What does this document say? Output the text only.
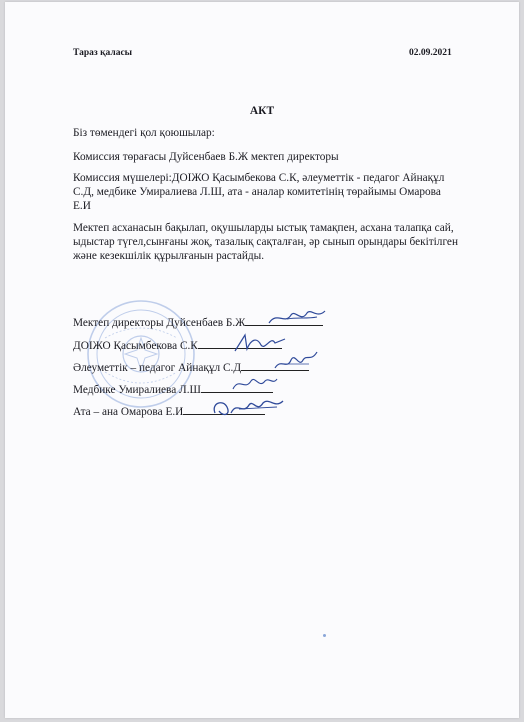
Тараз қаласы	02.09.2021
АКТ
Біз төмендегі қол қоюшылар:
Комиссия төрағасы Дуйсенбаев Б.Ж мектеп директоры
Комиссия мүшелері:ДОІЖО Қасымбекова С.К, әлеуметтік - педагог Айнақұл С.Д, медбике Умиралиева Л.Ш, ата - аналар комитетінің төрайымы Омарова Е.И
Мектеп асханасын бақылап, оқушыларды ыстық тамақпен, асхана талапқа сай, ыдыстар түгел,сынғаны жоқ, тазалық сақталған, әр сынып орындары бекітілген және кезекшілік құрылғанын растайды.
Мектеп директоры Дуйсенбаев Б.Ж
ДОІЖО Қасымбекова С.К
Әлеуметтік – педагог Айнақұл С.Д
Медбике Умиралиева Л.Ш
Ата – ана Омарова Е.И
